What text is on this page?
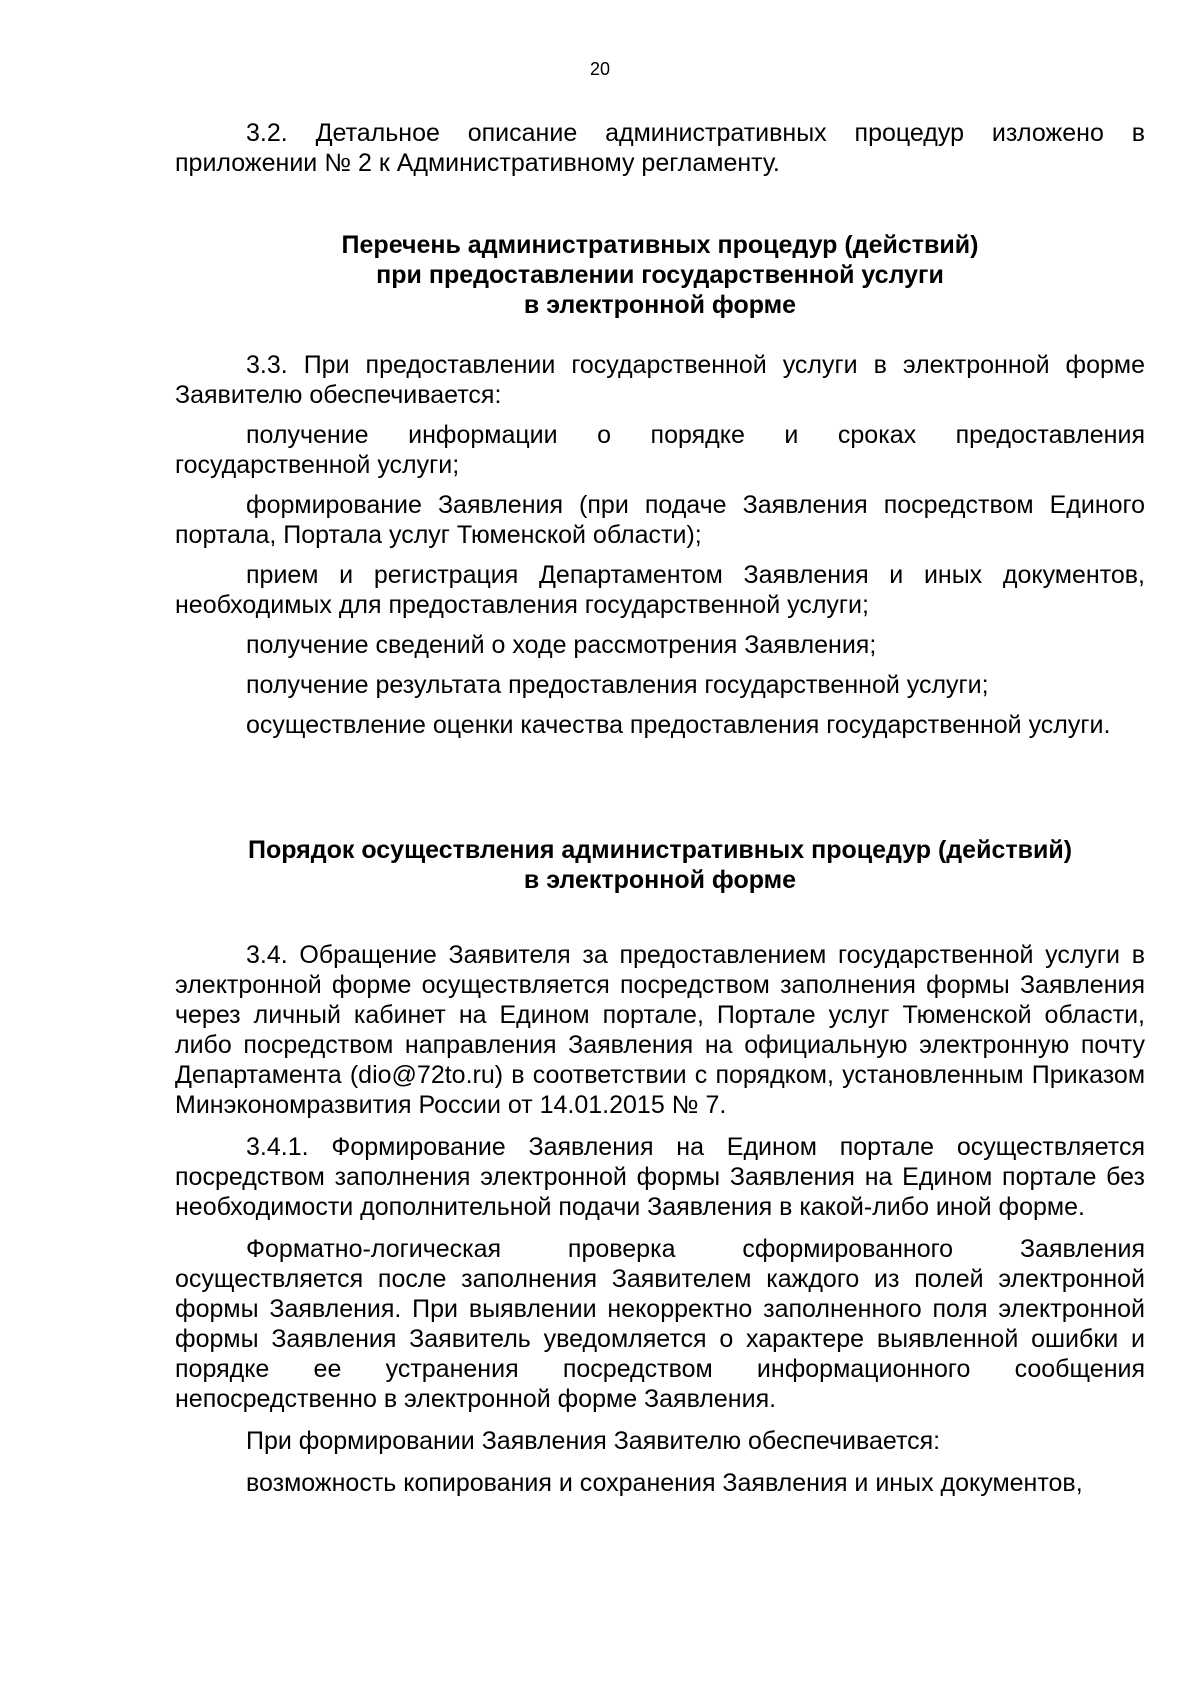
20

3.2. Детальное описание административных процедур изложено в приложении № 2 к Административному регламенту.

Перечень административных процедур (действий)
при предоставлении государственной услуги
в электронной форме

3.3. При предоставлении государственной услуги в электронной форме Заявителю обеспечивается:

получение информации о порядке и сроках предоставления государственной услуги;

формирование Заявления (при подаче Заявления посредством Единого портала, Портала услуг Тюменской области);

прием и регистрация Департаментом Заявления и иных документов, необходимых для предоставления государственной услуги;

получение сведений о ходе рассмотрения Заявления;

получение результата предоставления государственной услуги;

осуществление оценки качества предоставления государственной услуги.

Порядок осуществления административных процедур (действий)
в электронной форме

3.4. Обращение Заявителя за предоставлением государственной услуги в электронной форме осуществляется посредством заполнения формы Заявления через личный кабинет на Едином портале, Портале услуг Тюменской области, либо посредством направления Заявления на официальную электронную почту Департамента (dio@72to.ru) в соответствии с порядком, установленным Приказом Минэкономразвития России от 14.01.2015 № 7.

3.4.1. Формирование Заявления на Едином портале осуществляется посредством заполнения электронной формы Заявления на Едином портале без необходимости дополнительной подачи Заявления в какой-либо иной форме.

Форматно-логическая проверка сформированного Заявления осуществляется после заполнения Заявителем каждого из полей электронной формы Заявления. При выявлении некорректно заполненного поля электронной формы Заявления Заявитель уведомляется о характере выявленной ошибки и порядке ее устранения посредством информационного сообщения непосредственно в электронной форме Заявления.

При формировании Заявления Заявителю обеспечивается:

возможность копирования и сохранения Заявления и иных документов,
